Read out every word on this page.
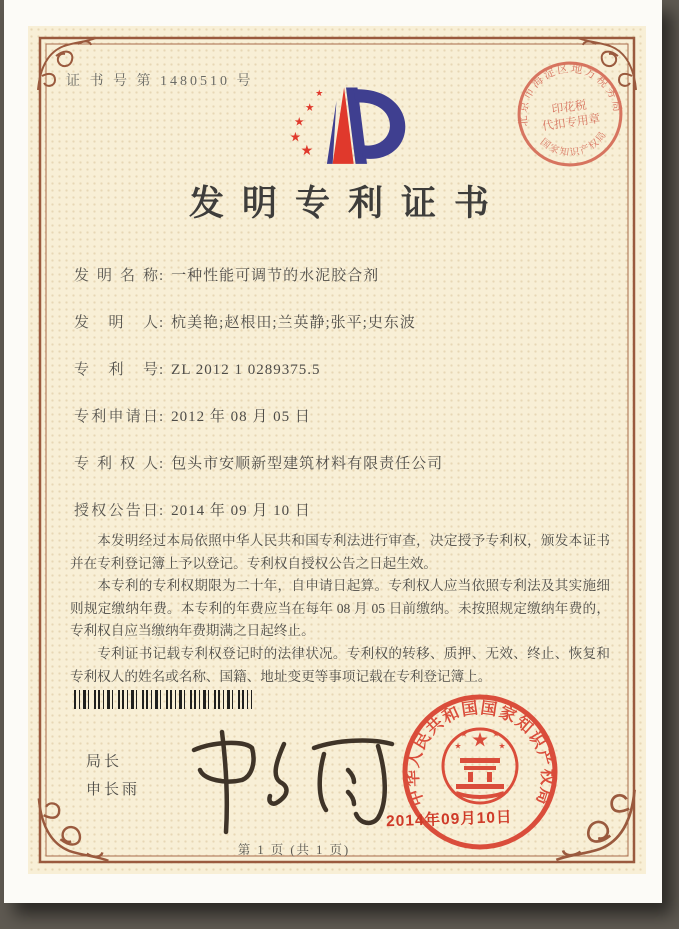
证 书 号 第 1480510 号
北京市海淀区地方税务局
国家知识产权局
印花税
代扣专用章
发明专利证书
发明名称 : 一种性能可调节的水泥胶合剂
发明人 : 杭美艳;赵根田;兰英静;张平;史东波
专利号 : ZL 2012 1 0289375.5
专利申请日 : 2012 年 08 月 05 日
专利权人 : 包头市安顺新型建筑材料有限责任公司
授权公告日 : 2014 年 09 月 10 日

本发明经过本局依照中华人民共和国专利法进行审查，决定授予专利权，颁发本证书并在专利登记簿上予以登记。专利权自授权公告之日起生效。

本专利的专利权期限为二十年，自申请日起算。专利权人应当依照专利法及其实施细则规定缴纳年费。本专利的年费应当在每年 08 月 05 日前缴纳。未按照规定缴纳年费的，专利权自应当缴纳年费期满之日起终止。

专利证书记载专利权登记时的法律状况。专利权的转移、质押、无效、终止、恢复和专利权人的姓名或名称、国籍、地址变更等事项记载在专利登记簿上。

局长
申长雨	中华人民共和国国家知识产权局
2014年09月10日
第 1 页 (共 1 页)
